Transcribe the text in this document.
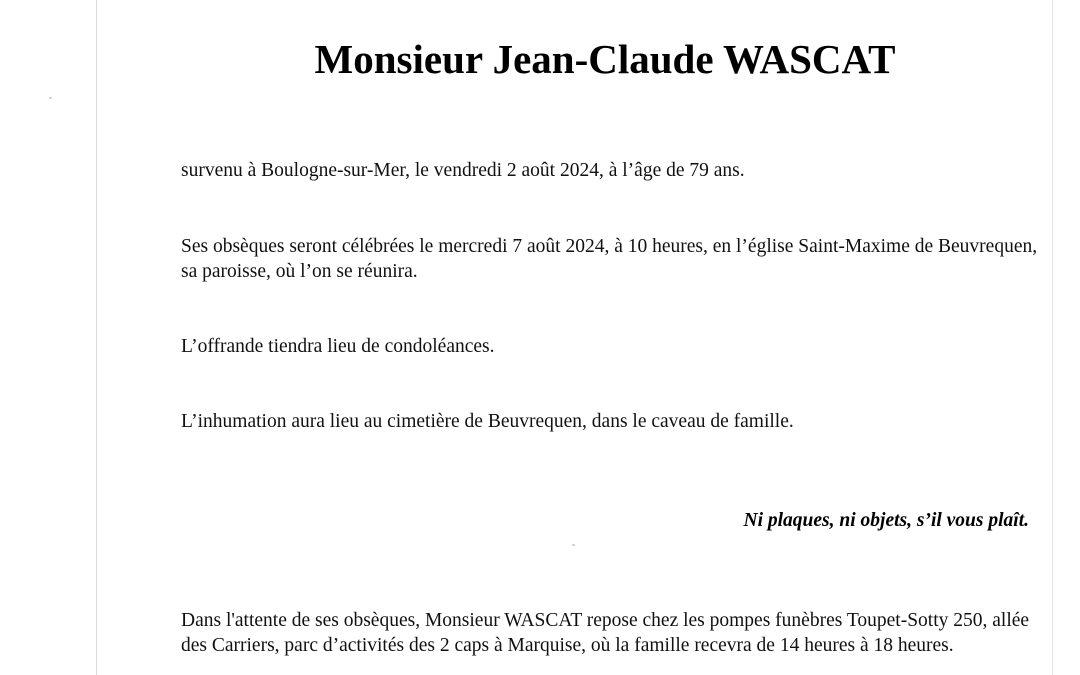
Monsieur Jean-Claude WASCAT

survenu à Boulogne-sur-Mer, le vendredi 2 août 2024, à l’âge de 79 ans.

Ses obsèques seront célébrées le mercredi 7 août 2024, à 10 heures, en l’église Saint-Maxime de Beuvrequen, sa paroisse, où l’on se réunira.

L’offrande tiendra lieu de condoléances.

L’inhumation aura lieu au cimetière de Beuvrequen, dans le caveau de famille.

Ni plaques, ni objets, s’il vous plaît.

Dans l'attente de ses obsèques, Monsieur WASCAT repose chez les pompes funèbres Toupet-Sotty 250, allée des Carriers, parc d’activités des 2 caps à Marquise, où la famille recevra de 14 heures à 18 heures.
